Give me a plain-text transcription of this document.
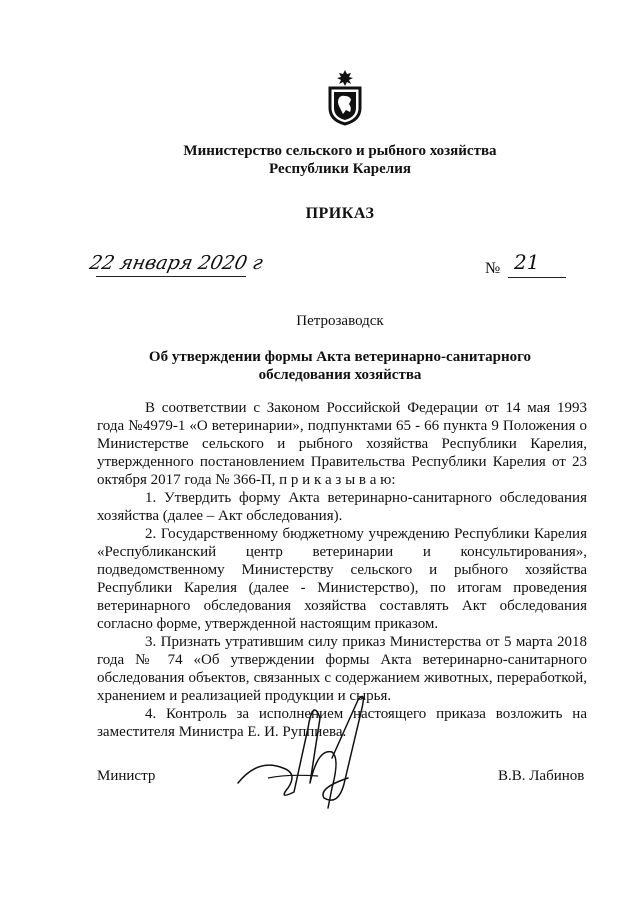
Министерство сельского и рыбного хозяйства
Республики Карелия
ПРИКАЗ
22 января 2020 г	№ 21
Петрозаводск
Об утверждении формы Акта ветеринарно-санитарного
обследования хозяйства

В соответствии с Законом Российской Федерации от 14 мая 1993 года №4979-1 «О ветеринарии», подпунктами 65 - 66 пункта 9 Положения о Министерстве сельского и рыбного хозяйства Республики Карелия, утвержденного постановлением Правительства Республики Карелия от 23 октября 2017 года № 366-П, п р и к а з ы в а ю:

1. Утвердить форму Акта ветеринарно-санитарного обследования хозяйства (далее – Акт обследования).

2. Государственному бюджетному учреждению Республики Карелия «Республиканский центр ветеринарии и консультирования», подведомственному Министерству сельского и рыбного хозяйства Республики Карелия (далее - Министерство), по итогам проведения ветеринарного обследования хозяйства составлять Акт обследования согласно форме, утвержденной настоящим приказом.

3. Признать утратившим силу приказ Министерства от 5 марта 2018 года № 74 «Об утверждении формы Акта ветеринарно-санитарного обследования объектов, связанных с содержанием животных, переработкой, хранением и реализацией продукции и сырья.

4. Контроль за исполнением настоящего приказа возложить на заместителя Министра Е. И. Руппиева.

Министр	В.В. Лабинов
